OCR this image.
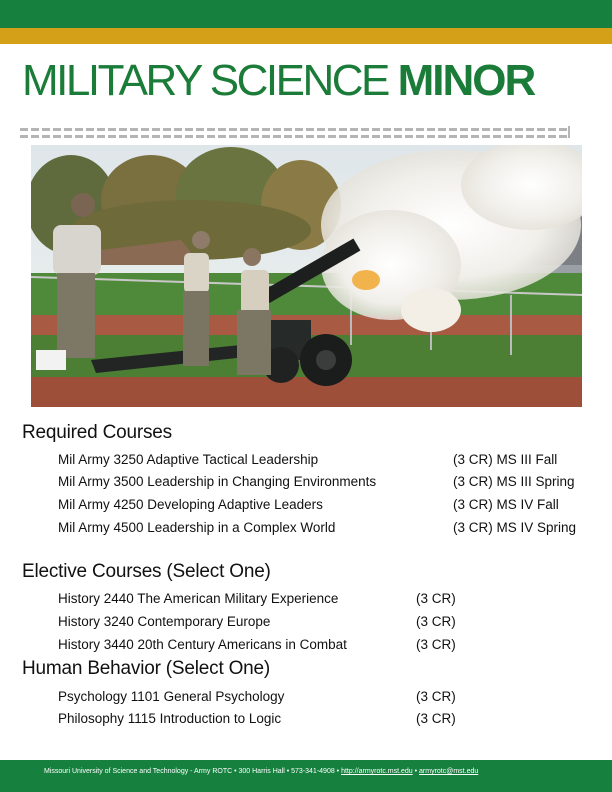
MILITARY SCIENCE MINOR
Required Courses
Mil Army 3250 Adaptive Tactical Leadership	(3 CR) MS III Fall
Mil Army 3500 Leadership in Changing Environments	(3 CR) MS III Spring
Mil Army 4250 Developing Adaptive Leaders	(3 CR) MS IV Fall
Mil Army 4500 Leadership in a Complex World	(3 CR) MS IV Spring
Elective Courses (Select One)
History 2440 The American Military Experience	(3 CR)
History 3240 Contemporary Europe	(3 CR)
History 3440 20th Century Americans in Combat	(3 CR)
Human Behavior (Select One)
Psychology 1101 General Psychology	(3 CR)
Philosophy 1115 Introduction to Logic	(3 CR)
Missouri University of Science and Technology - Army ROTC • 300 Harris Hall • 573-341-4908 • http://armyrotc.mst.edu • armyrotc@mst.edu
